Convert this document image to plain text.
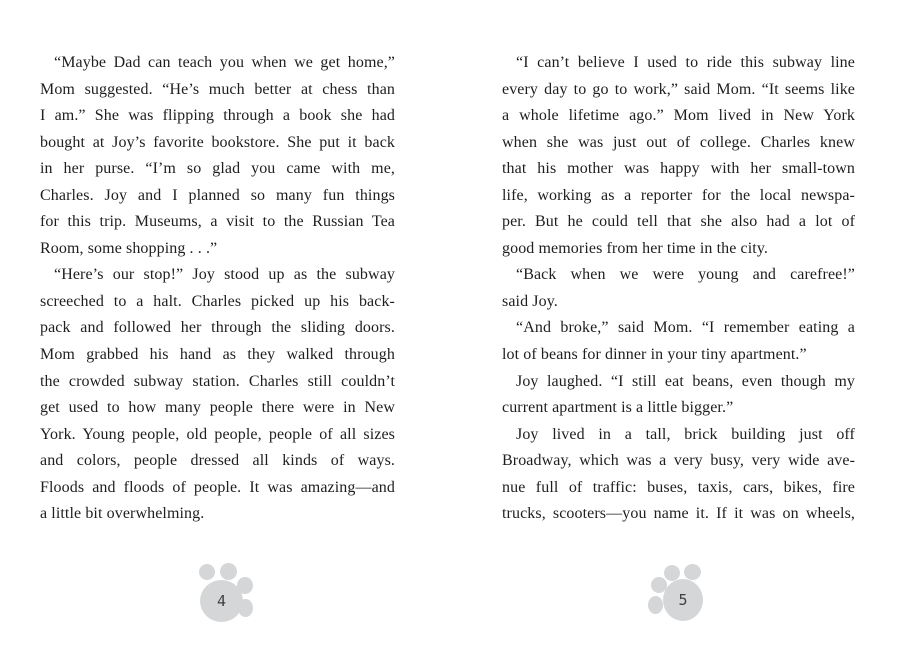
“Maybe Dad can teach you when we get home,”
Mom suggested. “He’s much better at chess than
I am.” She was flipping through a book she had
bought at Joy’s favorite bookstore. She put it back
in her purse. “I’m so glad you came with me,
Charles. Joy and I planned so many fun things
for this trip. Museums, a visit to the Russian Tea
Room, some shopping . . .”
“Here’s our stop!” Joy stood up as the subway
screeched to a halt. Charles picked up his back-
pack and followed her through the sliding doors.
Mom grabbed his hand as they walked through
the crowded subway station. Charles still couldn’t
get used to how many people there were in New
York. Young people, old people, people of all sizes
and colors, people dressed all kinds of ways.
Floods and floods of people. It was amazing—and
a little bit overwhelming.
“I can’t believe I used to ride this subway line
every day to go to work,” said Mom. “It seems like
a whole lifetime ago.” Mom lived in New York
when she was just out of college. Charles knew
that his mother was happy with her small-town
life, working as a reporter for the local newspa-
per. But he could tell that she also had a lot of
good memories from her time in the city.
“Back when we were young and carefree!”
said Joy.
“And broke,” said Mom. “I remember eating a
lot of beans for dinner in your tiny apartment.”
Joy laughed. “I still eat beans, even though my
current apartment is a little bigger.”
Joy lived in a tall, brick building just off
Broadway, which was a very busy, very wide ave-
nue full of traffic: buses, taxis, cars, bikes, fire
trucks, scooters—you name it. If it was on wheels,
4	5
